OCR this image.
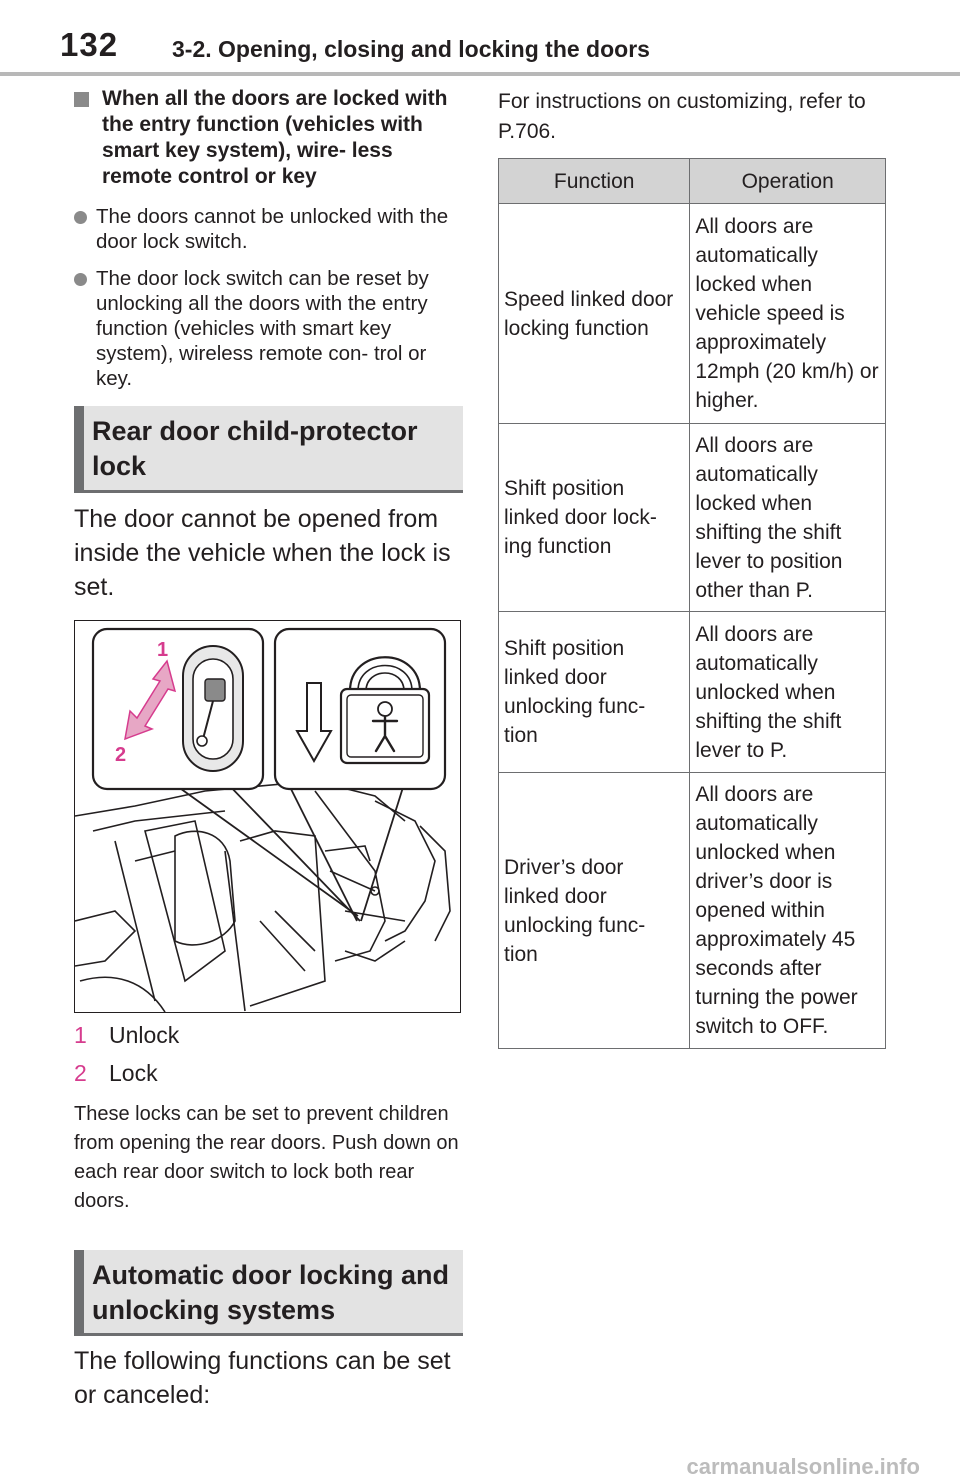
132 3-2. Opening, closing and locking the doors
When all the doors are locked with the entry function (vehicles with smart key system), wire- less remote control or key
The doors cannot be unlocked with the door lock switch.
The door lock switch can be reset by unlocking all the doors with the entry function (vehicles with smart key system), wireless remote con- trol or key.
Rear door child-protector lock
The door cannot be opened from inside the vehicle when the lock is set.
1
2
1 Unlock
2 Lock
These locks can be set to prevent children from opening the rear doors. Push down on each rear door switch to lock both rear doors.
Automatic door locking and unlocking systems
The following functions can be set or canceled:
For instructions on customizing, refer to P.706.
Function	Operation
Speed linked door locking function	All doors are automatically locked when vehicle speed is approximately 12mph (20 km/h) or higher.
Shift position linked door lock- ing function	All doors are automatically locked when shifting the shift lever to position other than P.
Shift position linked door unlocking func- tion	All doors are automatically unlocked when shifting the shift lever to P.
Driver’s door linked door unlocking func- tion	All doors are automatically unlocked when driver’s door is opened within approximately 45 seconds after turning the power switch to OFF.
carmanualsonline.info
